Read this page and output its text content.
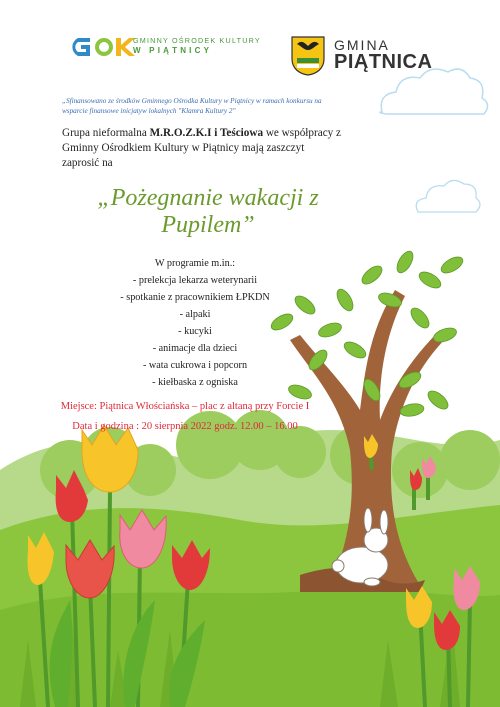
GMINNY OŚRODEK KULTURY
W PIĄTNICY	GMINA
PIĄTNICA
„Sfinansowano ze środków Gminnego Ośrodka Kultury w Piątnicy w ramach konkursu na wsparcie finansowe inicjatyw lokalnych "Klamra Kultury 2"
Grupa nieformalna M.R.O.Z.K.I i Teściowa we współpracy z Gminny Ośrodkiem Kultury w Piątnicy mają zaszczyt zaprosić na
„Pożegnanie wakacji z
Pupilem”
W programie m.in.:
- prelekcja lekarza weterynarii
- spotkanie z pracownikiem ŁPKDN
- alpaki
- kucyki
- animacje dla dzieci
- wata cukrowa i popcorn
- kiełbaska z ogniska
Miejsce: Piątnica Włościańska – plac z altaną przy Forcie I
Data i godzina : 20 sierpnia 2022 godz. 12.00 – 16.00
